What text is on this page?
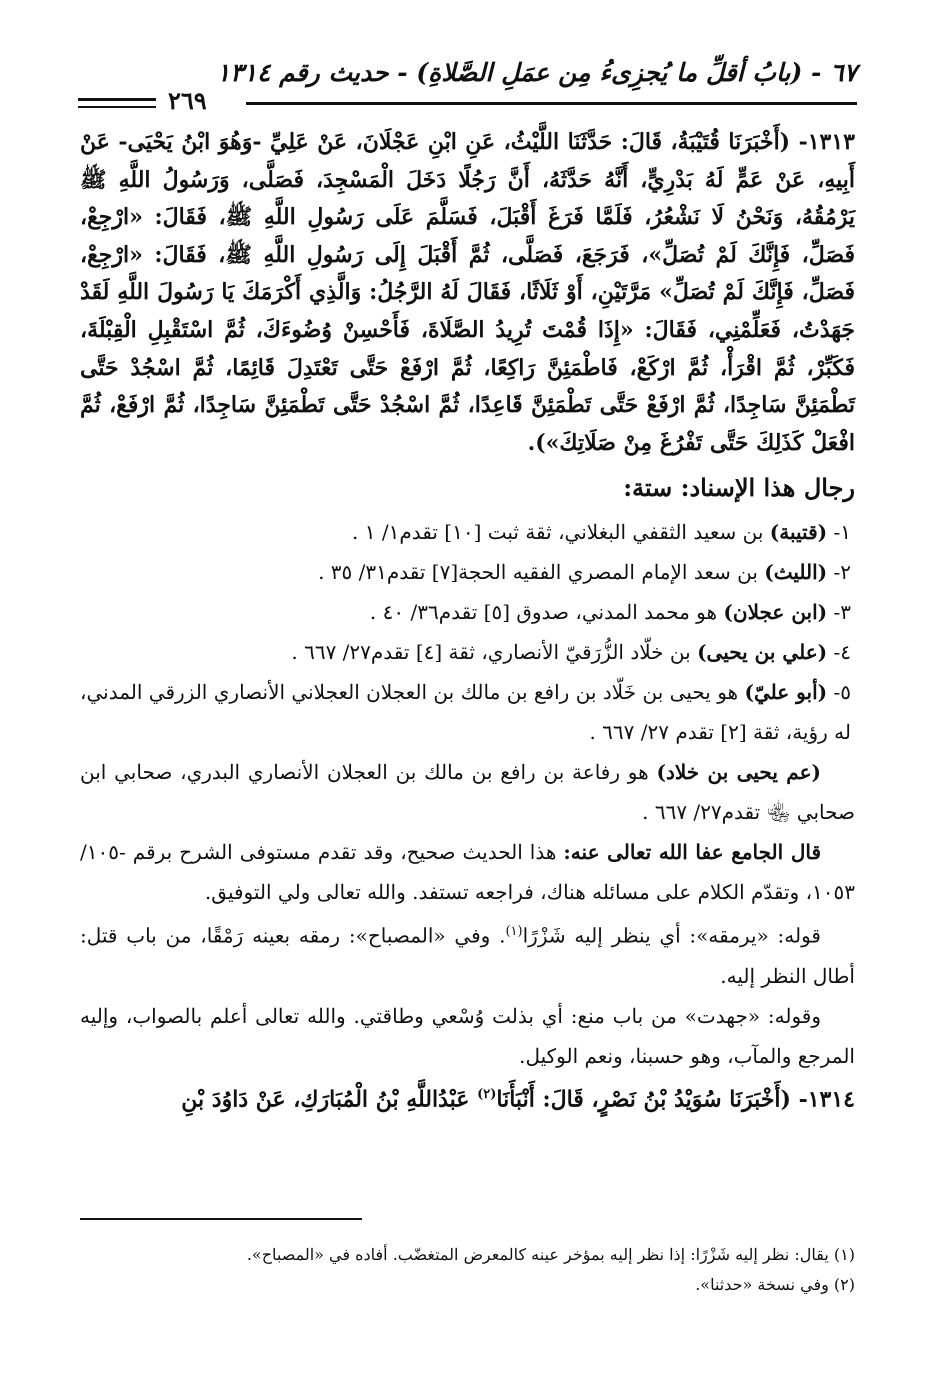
٦٧ - (بابُ أقلِّ ما يُجزِىءُ مِن عمَلِ الصَّلاةِ) - حديث رقم ١٣١٤
٢٦٩

١٣١٣- (أَخْبَرَنَا قُتَيْبَةُ، قَالَ: حَدَّثَنَا اللَّيْثُ، عَنِ ابْنِ عَجْلَانَ، عَنْ عَلِيِّ -وَهُوَ ابْنُ يَحْيَى- عَنْ أَبِيهِ، عَنْ عَمٍّ لَهُ بَدْرِيٍّ، أَنَّهُ حَدَّثَهُ، أَنَّ رَجُلًا دَخَلَ الْمَسْجِدَ، فَصَلَّى، وَرَسُولُ اللَّهِ ﷺ يَرْمُقُهُ، وَنَحْنُ لَا نَشْعُرُ، فَلَمَّا فَرَغَ أَقْبَلَ، فَسَلَّمَ عَلَى رَسُولِ اللَّهِ ﷺ، فَقَالَ: «ارْجِعْ، فَصَلِّ، فَإِنَّكَ لَمْ تُصَلِّ»، فَرَجَعَ، فَصَلَّى، ثُمَّ أَقْبَلَ إِلَى رَسُولِ اللَّهِ ﷺ، فَقَالَ: «ارْجِعْ، فَصَلِّ، فَإِنَّكَ لَمْ تُصَلِّ» مَرَّتَيْنِ، أَوْ ثَلَاثًا، فَقَالَ لَهُ الرَّجُلُ: وَالَّذِي أَكْرَمَكَ يَا رَسُولَ اللَّهِ لَقَدْ جَهَدْتُ، فَعَلِّمْنِي، فَقَالَ: «إِذَا قُمْتَ تُرِيدُ الصَّلَاةَ، فَأَحْسِنْ وُضُوءَكَ، ثُمَّ اسْتَقْبِلِ الْقِبْلَةَ، فَكَبِّرْ، ثُمَّ اقْرَأْ، ثُمَّ ارْكَعْ، فَاطْمَئِنَّ رَاكِعًا، ثُمَّ ارْفَعْ حَتَّى تَعْتَدِلَ قَائِمًا، ثُمَّ اسْجُدْ حَتَّى تَطْمَئِنَّ سَاجِدًا، ثُمَّ ارْفَعْ حَتَّى تَطْمَئِنَّ قَاعِدًا، ثُمَّ اسْجُدْ حَتَّى تَطْمَئِنَّ سَاجِدًا، ثُمَّ ارْفَعْ، ثُمَّ افْعَلْ كَذَلِكَ حَتَّى تَفْرُغَ مِنْ صَلَاتِكَ»).

رجال هذا الإسناد: ستة:

١- (قتيبة) بن سعيد الثقفي البغلاني، ثقة ثبت [١٠] تقدم١/ ١ .

٢- (الليث) بن سعد الإمام المصري الفقيه الحجة[٧] تقدم٣١/ ٣٥ .

٣- (ابن عجلان) هو محمد المدني، صدوق [٥] تقدم٣٦/ ٤٠ .

٤- (علي بن يحيى) بن خلّاد الزُّرَقيّ الأنصاري، ثقة [٤] تقدم٢٧/ ٦٦٧ .

٥- (أبو عليّ) هو يحيى بن خَلّاد بن رافع بن مالك بن العجلان العجلاني الأنصاري الزرقي المدني، له رؤية، ثقة [٢] تقدم ٢٧/ ٦٦٧ .

(عم يحيى بن خلاد) هو رفاعة بن رافع بن مالك بن العجلان الأنصاري البدري، صحابي ابن صحابي ﵄ تقدم٢٧/ ٦٦٧ .

قال الجامع عفا الله تعالى عنه: هذا الحديث صحيح، وقد تقدم مستوفى الشرح برقم -١٠٥/ ١٠٥٣، وتقدّم الكلام على مسائله هناك، فراجعه تستفد. والله تعالى ولي التوفيق.

قوله: «يرمقه»: أي ينظر إليه شَزْرًا$^{(١)}$. وفي «المصباح»: رمقه بعينه رَمْقًا، من باب قتل: أطال النظر إليه.

وقوله: «جهدت» من باب منع: أي بذلت وُسْعي وطاقتي. والله تعالى أعلم بالصواب، وإليه المرجع والمآب، وهو حسبنا، ونعم الوكيل.

١٣١٤- (أَخْبَرَنَا سُوَيْدُ بْنُ نَصْرٍ، قَالَ: أَنْبَأَنَا$^{(٢)}$ عَبْدُاللَّهِ بْنُ الْمُبَارَكِ، عَنْ دَاوُدَ بْنِ

(١) يقال: نظر إليه شَزْرًا: إذا نظر إليه بمؤخر عينه كالمعرض المتغضّب. أفاده في «المصباح».

(٢) وفي نسخة «حدثنا».
